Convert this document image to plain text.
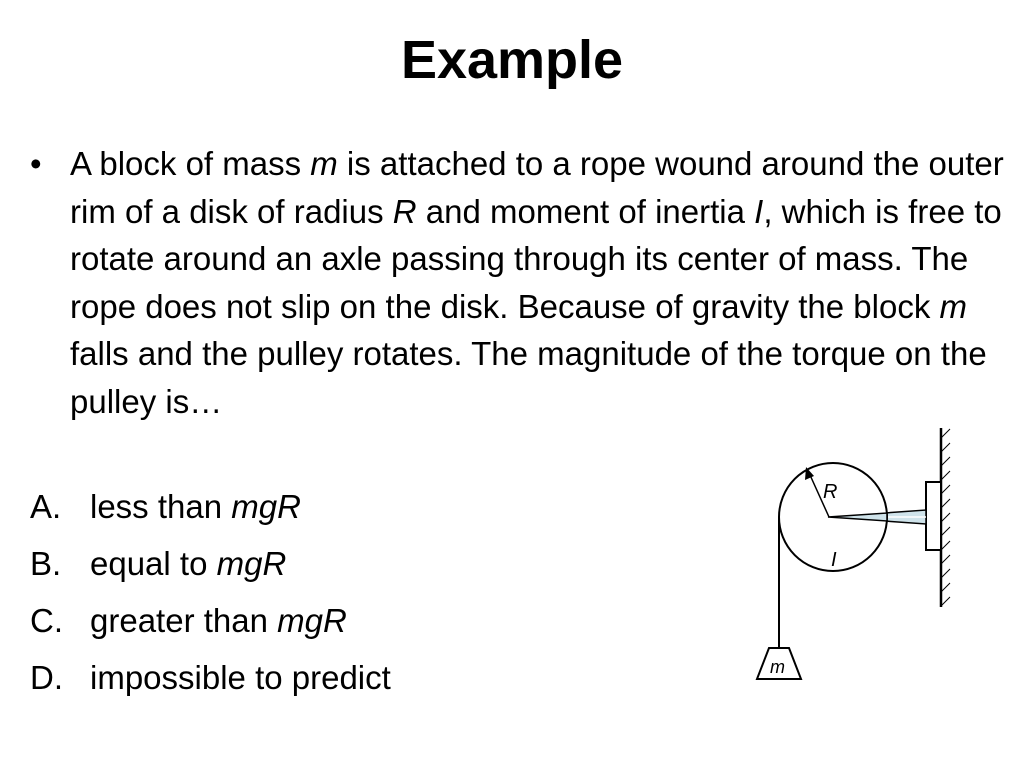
Example
• A block of mass m is attached to a rope wound around the outer rim of a disk of radius R and moment of inertia I, which is free to rotate around an axle passing through its center of mass. The rope does not slip on the disk. Because of gravity the block m falls and the pulley rotates. The magnitude of the torque on the pulley is…
A. less than mgR
B. equal to mgR
C. greater than mgR
D. impossible to predict
R
I
m
